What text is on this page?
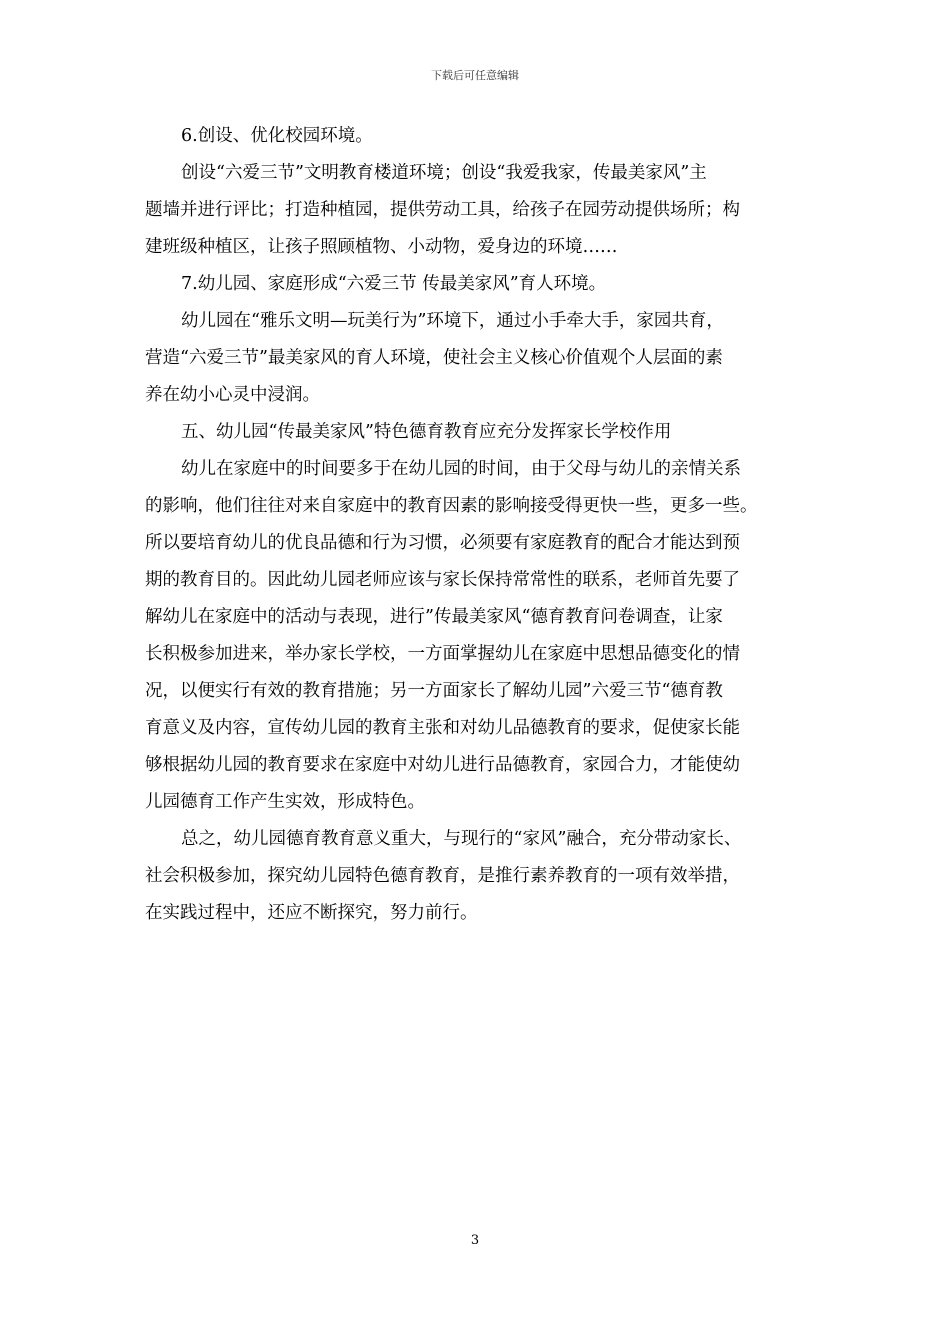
下载后可任意编辑
6.创设、优化校园环境。
创设“六爱三节”文明教育楼道环境；创设“我爱我家，传最美家风”主
题墙并进行评比；打造种植园，提供劳动工具，给孩子在园劳动提供场所；构
建班级种植区，让孩子照顾植物、小动物，爱身边的环境……
7.幼儿园、家庭形成“六爱三节 传最美家风”育人环境。
幼儿园在“雅乐文明—玩美行为”环境下，通过小手牵大手，家园共育，
营造“六爱三节”最美家风的育人环境，使社会主义核心价值观个人层面的素
养在幼小心灵中浸润。
五、幼儿园“传最美家风”特色德育教育应充分发挥家长学校作用
幼儿在家庭中的时间要多于在幼儿园的时间，由于父母与幼儿的亲情关系
的影响，他们往往对来自家庭中的教育因素的影响接受得更快一些，更多一些。
所以要培育幼儿的优良品德和行为习惯，必须要有家庭教育的配合才能达到预
期的教育目的。因此幼儿园老师应该与家长保持常常性的联系，老师首先要了
解幼儿在家庭中的活动与表现，进行”传最美家风“德育教育问卷调查，让家
长积极参加进来，举办家长学校，一方面掌握幼儿在家庭中思想品德变化的情
况，以便实行有效的教育措施；另一方面家长了解幼儿园”六爱三节“德育教
育意义及内容，宣传幼儿园的教育主张和对幼儿品德教育的要求，促使家长能
够根据幼儿园的教育要求在家庭中对幼儿进行品德教育，家园合力，才能使幼
儿园德育工作产生实效，形成特色。
总之，幼儿园德育教育意义重大，与现行的“家风”融合，充分带动家长、
社会积极参加，探究幼儿园特色德育教育，是推行素养教育的一项有效举措，
在实践过程中，还应不断探究，努力前行。
3
